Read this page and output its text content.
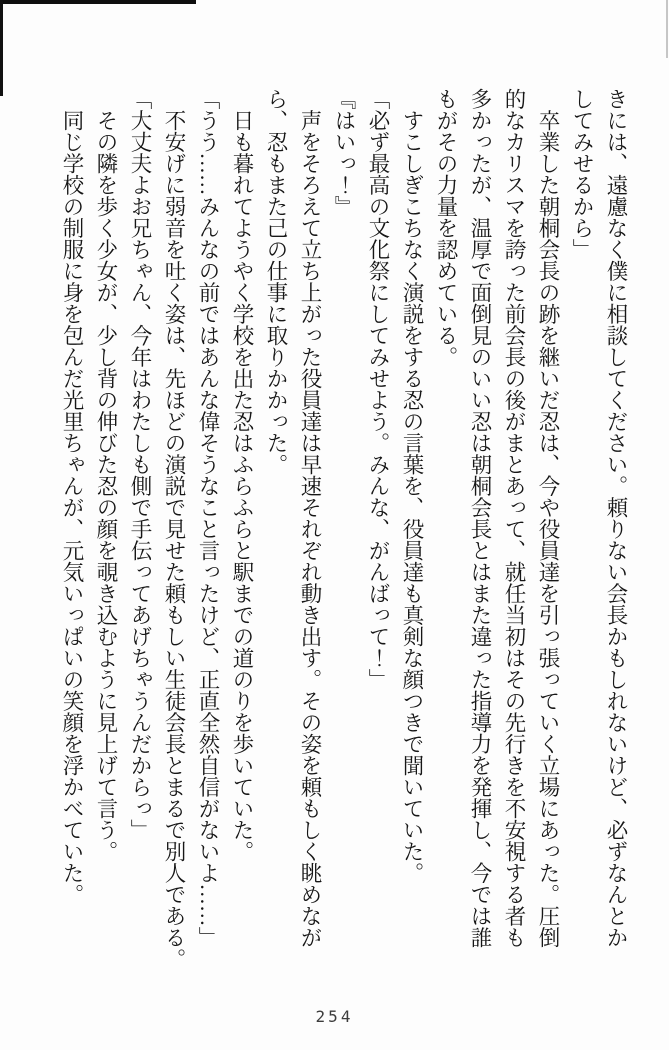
きには、遠慮なく僕に相談してください。頼りない会長かもしれないけど、必ずなんとか
してみせるから」
　卒業した朝桐会長の跡を継いだ忍は、今や役員達を引っ張っていく立場にあった。圧倒
的なカリスマを誇った前会長の後がまとあって、就任当初はその先行きを不安視する者も
多かったが、温厚で面倒見のいい忍は朝桐会長とはまた違った指導力を発揮し、今では誰
もがその力量を認めている。
　すこしぎこちなく演説をする忍の言葉を、役員達も真剣な顔つきで聞いていた。
「必ず最高の文化祭にしてみせよう。みんな、がんばって！」
『はいっ！』
　声をそろえて立ち上がった役員達は早速それぞれ動き出す。その姿を頼もしく眺めなが
ら、忍もまた己の仕事に取りかかった。
　日も暮れてようやく学校を出た忍はふらふらと駅までの道のりを歩いていた。
「うう……みんなの前ではあんな偉そうなこと言ったけど、正直全然自信がないよ……」
　不安げに弱音を吐く姿は、先ほどの演説で見せた頼もしい生徒会長とまるで別人である。
「大丈夫よお兄ちゃん、今年はわたしも側で手伝ってあげちゃうんだからっ」
　その隣を歩く少女が、少し背の伸びた忍の顔を覗き込むように見上げて言う。
　同じ学校の制服に身を包んだ光里ちゃんが、元気いっぱいの笑顔を浮かべていた。
254
